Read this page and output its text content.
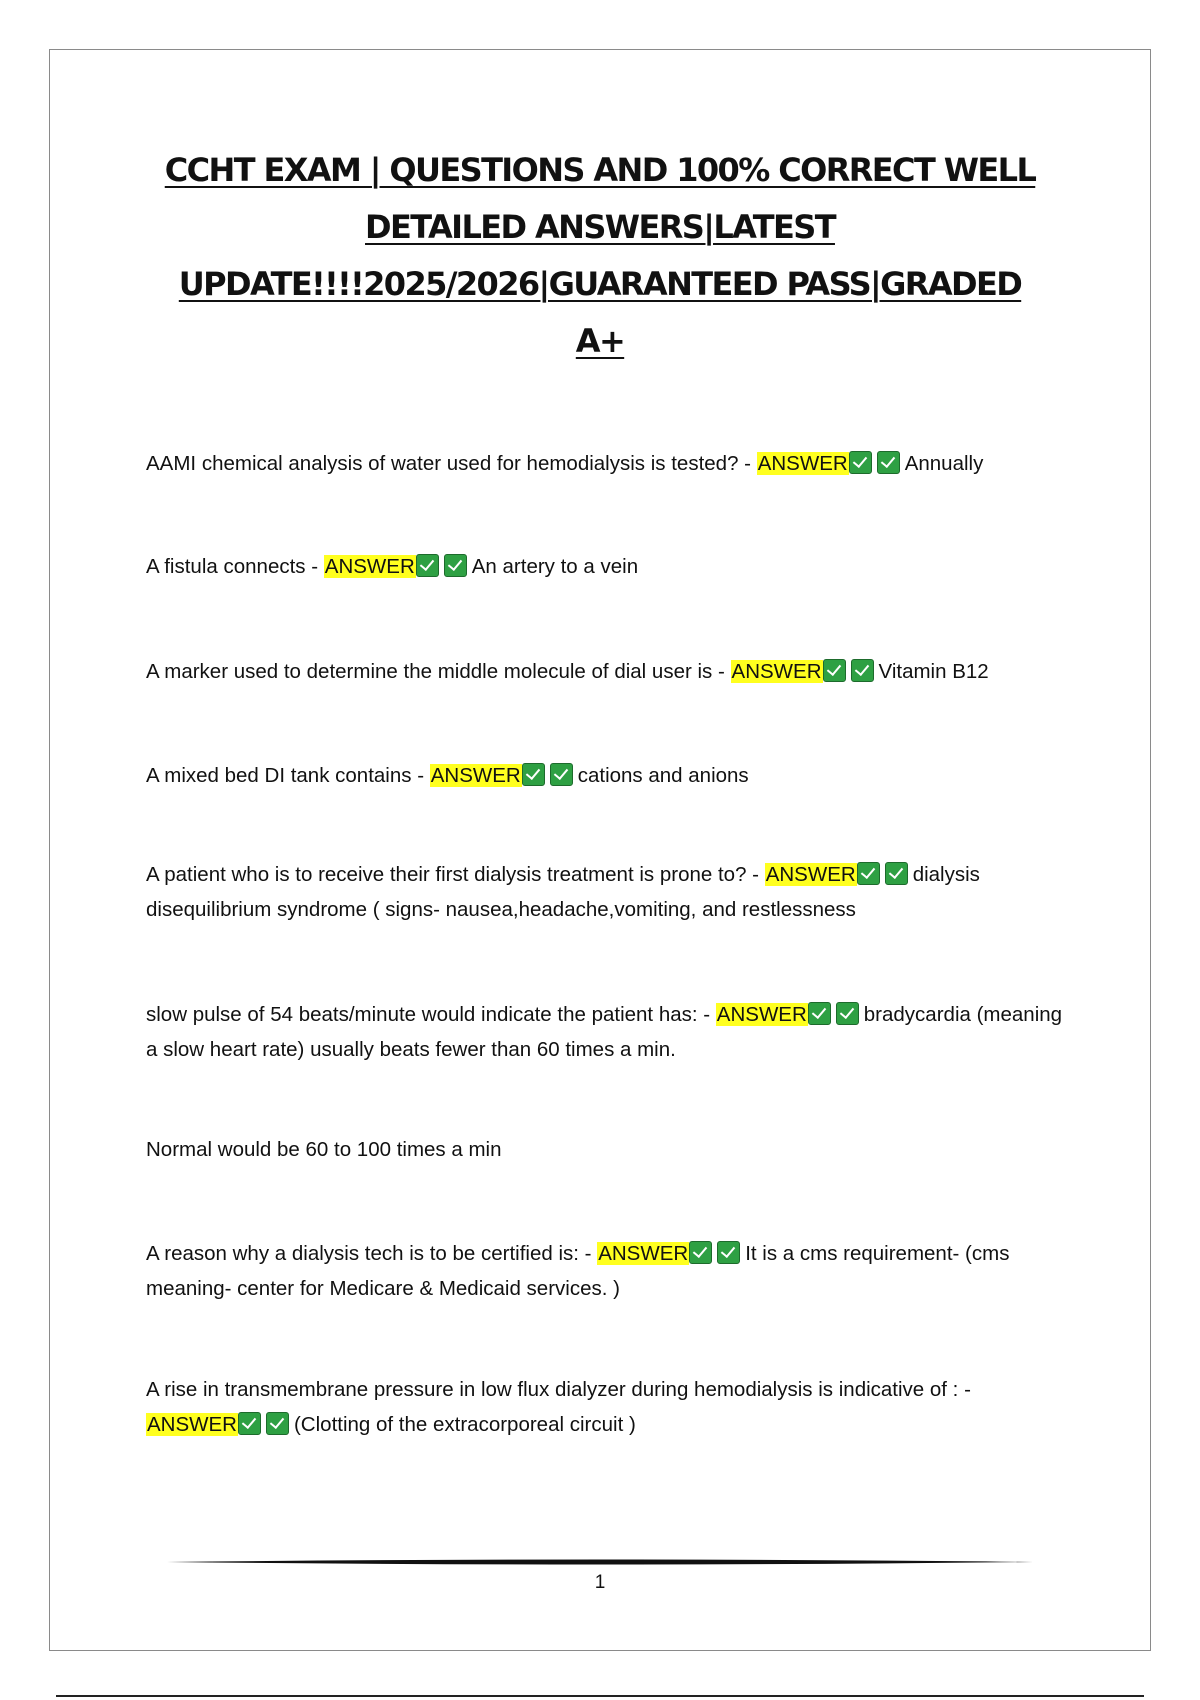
CCHT EXAM | QUESTIONS AND 100% CORRECT WELL
DETAILED ANSWERS|LATEST
UPDATE!!!!2025/2026|GUARANTEED PASS|GRADED
A+

AAMI chemical analysis of water used for hemodialysis is tested? - ANSWER	Annually

A fistula connects - ANSWER	An artery to a vein

A marker used to determine the middle molecule of dial user is - ANSWER	Vitamin B12

A mixed bed DI tank contains - ANSWER	cations and anions

A patient who is to receive their first dialysis treatment is prone to? - ANSWER	dialysis disequilibrium syndrome ( signs- nausea,headache,vomiting, and restlessness

slow pulse of 54 beats/minute would indicate the patient has: - ANSWER	bradycardia (meaning a slow heart rate) usually beats fewer than 60 times a min.

Normal would be 60 to 100 times a min

A reason why a dialysis tech is to be certified is: - ANSWER	It is a cms requirement- (cms meaning- center for Medicare & Medicaid services. )

A rise in transmembrane pressure in low flux dialyzer during hemodialysis is indicative of : - ANSWER	(Clotting of the extracorporeal circuit )

1
